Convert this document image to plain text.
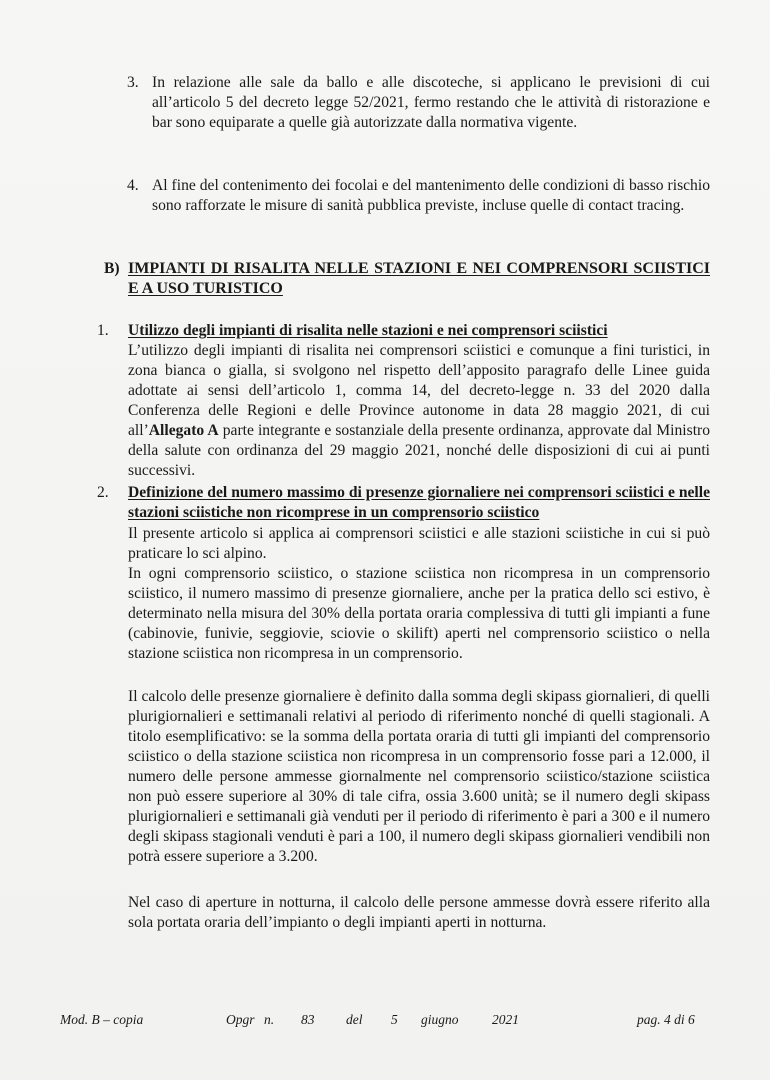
3. In relazione alle sale da ballo e alle discoteche, si applicano le previsioni di cui all’articolo 5 del decreto legge 52/2021, fermo restando che le attività di ristorazione e bar sono equiparate a quelle già autorizzate dalla normativa vigente.

4. Al fine del contenimento dei focolai e del mantenimento delle condizioni di basso rischio sono rafforzate le misure di sanità pubblica previste, incluse quelle di contact tracing.

B) IMPIANTI DI RISALITA NELLE STAZIONI E NEI COMPRENSORI SCIISTICI E A USO TURISTICO

1. Utilizzo degli impianti di risalita nelle stazioni e nei comprensori sciistici

L’utilizzo degli impianti di risalita nei comprensori sciistici e comunque a fini turistici, in zona bianca o gialla, si svolgono nel rispetto dell’apposito paragrafo delle Linee guida adottate ai sensi dell’articolo 1, comma 14, del decreto-legge n. 33 del 2020 dalla Conferenza delle Regioni e delle Province autonome in data 28 maggio 2021, di cui all’Allegato A parte integrante e sostanziale della presente ordinanza, approvate dal Ministro della salute con ordinanza del 29 maggio 2021, nonché delle disposizioni di cui ai punti successivi.

2. Definizione del numero massimo di presenze giornaliere nei comprensori sciistici e nelle stazioni sciistiche non ricomprese in un comprensorio sciistico

Il presente articolo si applica ai comprensori sciistici e alle stazioni sciistiche in cui si può praticare lo sci alpino.

In ogni comprensorio sciistico, o stazione sciistica non ricompresa in un comprensorio sciistico, il numero massimo di presenze giornaliere, anche per la pratica dello sci estivo, è determinato nella misura del 30% della portata oraria complessiva di tutti gli impianti a fune (cabinovie, funivie, seggiovie, sciovie o skilift) aperti nel comprensorio sciistico o nella stazione sciistica non ricompresa in un comprensorio.

Il calcolo delle presenze giornaliere è definito dalla somma degli skipass giornalieri, di quelli plurigiornalieri e settimanali relativi al periodo di riferimento nonché di quelli stagionali. A titolo esemplificativo: se la somma della portata oraria di tutti gli impianti del comprensorio sciistico o della stazione sciistica non ricompresa in un comprensorio fosse pari a 12.000, il numero delle persone ammesse giornalmente nel comprensorio sciistico/stazione sciistica non può essere superiore al 30% di tale cifra, ossia 3.600 unità; se il numero degli skipass plurigiornalieri e settimanali già venduti per il periodo di riferimento è pari a 300 e il numero degli skipass stagionali venduti è pari a 100, il numero degli skipass giornalieri vendibili non potrà essere superiore a 3.200.

Nel caso di aperture in notturna, il calcolo delle persone ammesse dovrà essere riferito alla sola portata oraria dell’impianto o degli impianti aperti in notturna.

Mod. B – copia	Opgr n. 83 del 5 giugno 2021	pag. 4 di 6
